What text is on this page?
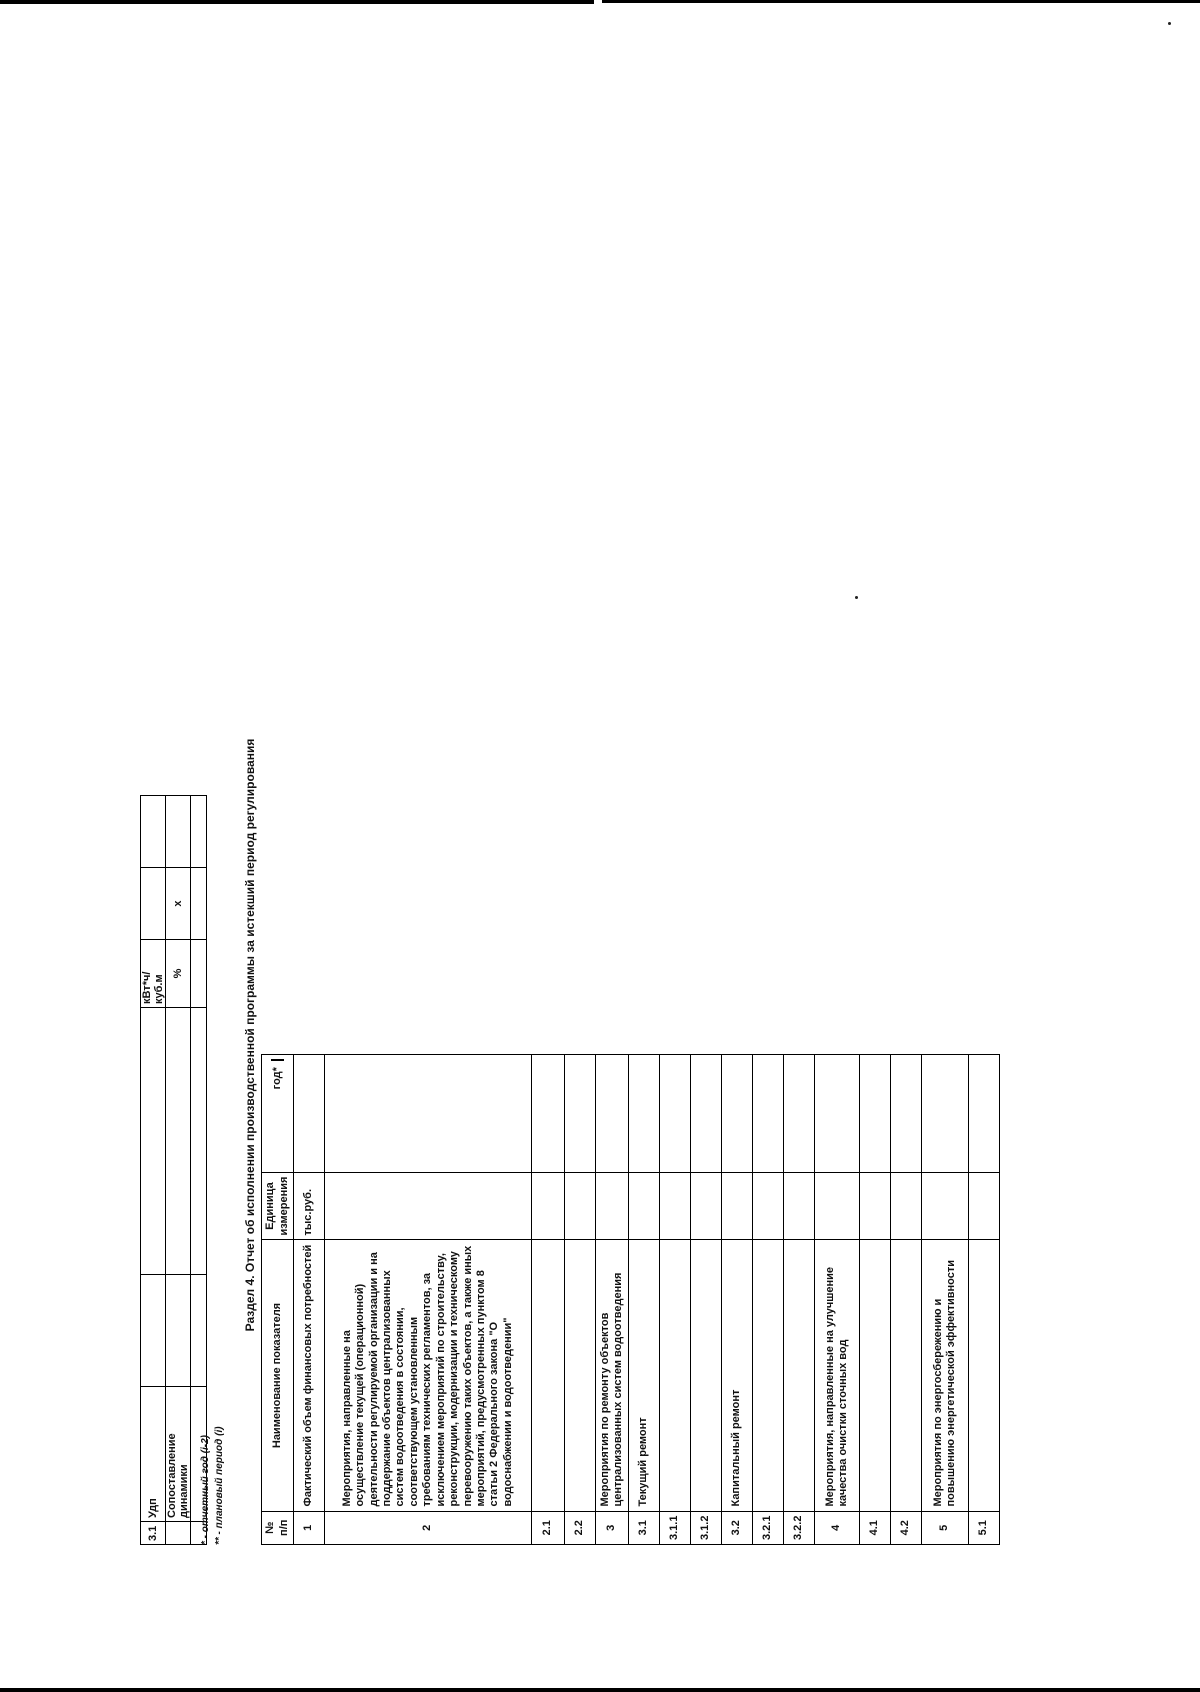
3.1	Удп			кВт*ч/куб.м		
	Сопоставление динамики			%	x	

* - отчетный год (i-2) ** - плановый период (i)
Раздел 4. Отчет об исполнении производственной программы за истекший период регулирования
№ п/п	Наименование показателя	Единица измерения	год*	

1	Фактический объем финансовых потребностей	тыс.руб.		
2	Мероприятия, направленные на осуществление текущей (операционной) деятельности регулируемой организации и на поддержание объектов централизованных систем водоотведения в состоянии, соответствующем установленным требованиям технических регламентов, за исключением мероприятий по строительству, реконструкции, модернизации и техническому перевооружению таких объектов, а также иных мероприятий, предусмотренных пунктом 8 статьи 2 Федерального закона "О водоснабжении и водоотведении"			
2.1				
2.2				
3	Мероприятия по ремонту объектов централизованных систем водоотведения			
3.1	Текущий ремонт			
3.1.1				
3.1.2				
3.2	Капитальный ремонт			
3.2.1				
3.2.2				
4	Мероприятия, направленные на улучшение качества очистки сточных вод			
4.1				
4.2				
5	Мероприятия по энергосбережению и повышению энергетической эффективности			
5.1				
